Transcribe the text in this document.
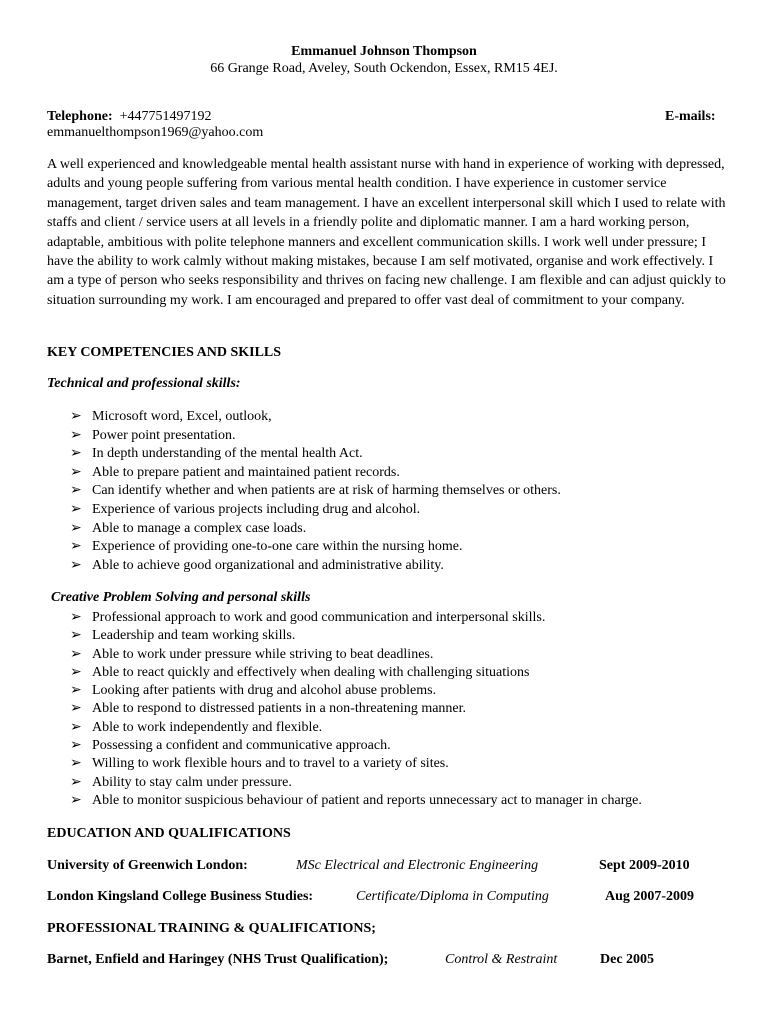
Emmanuel Johnson Thompson
66 Grange Road, Aveley, South Ockendon, Essex, RM15 4EJ.
Telephone: +447751497192	E-mails:
emmanuelthompson1969@yahoo.com

A well experienced and knowledgeable mental health assistant nurse with hand in experience of working with depressed, adults and young people suffering from various mental health condition. I have experience in customer service management, target driven sales and team management. I have an excellent interpersonal skill which I used to relate with staffs and client / service users at all levels in a friendly polite and diplomatic manner. I am a hard working person, adaptable, ambitious with polite telephone manners and excellent communication skills. I work well under pressure; I have the ability to work calmly without making mistakes, because I am self motivated, organise and work effectively. I am a type of person who seeks responsibility and thrives on facing new challenge. I am flexible and can adjust quickly to situation surrounding my work. I am encouraged and prepared to offer vast deal of commitment to your company.

KEY COMPETENCIES AND SKILLS
Technical and professional skills:
➢ Microsoft word, Excel, outlook,
➢ Power point presentation.
➢ In depth understanding of the mental health Act.
➢ Able to prepare patient and maintained patient records.
➢ Can identify whether and when patients are at risk of harming themselves or others.
➢ Experience of various projects including drug and alcohol.
➢ Able to manage a complex case loads.
➢ Experience of providing one-to-one care within the nursing home.
➢ Able to achieve good organizational and administrative ability.
Creative Problem Solving and personal skills
➢ Professional approach to work and good communication and interpersonal skills.
➢ Leadership and team working skills.
➢ Able to work under pressure while striving to beat deadlines.
➢ Able to react quickly and effectively when dealing with challenging situations
➢ Looking after patients with drug and alcohol abuse problems.
➢ Able to respond to distressed patients in a non-threatening manner.
➢ Able to work independently and flexible.
➢ Possessing a confident and communicative approach.
➢ Willing to work flexible hours and to travel to a variety of sites.
➢ Ability to stay calm under pressure.
➢ Able to monitor suspicious behaviour of patient and reports unnecessary act to manager in charge.
EDUCATION AND QUALIFICATIONS
University of Greenwich London:	MSc Electrical and Electronic Engineering	Sept 2009-2010
London Kingsland College Business Studies:	Certificate/Diploma in Computing	Aug 2007-2009
PROFESSIONAL TRAINING & QUALIFICATIONS;
Barnet, Enfield and Haringey (NHS Trust Qualification);	Control & Restraint	Dec 2005
